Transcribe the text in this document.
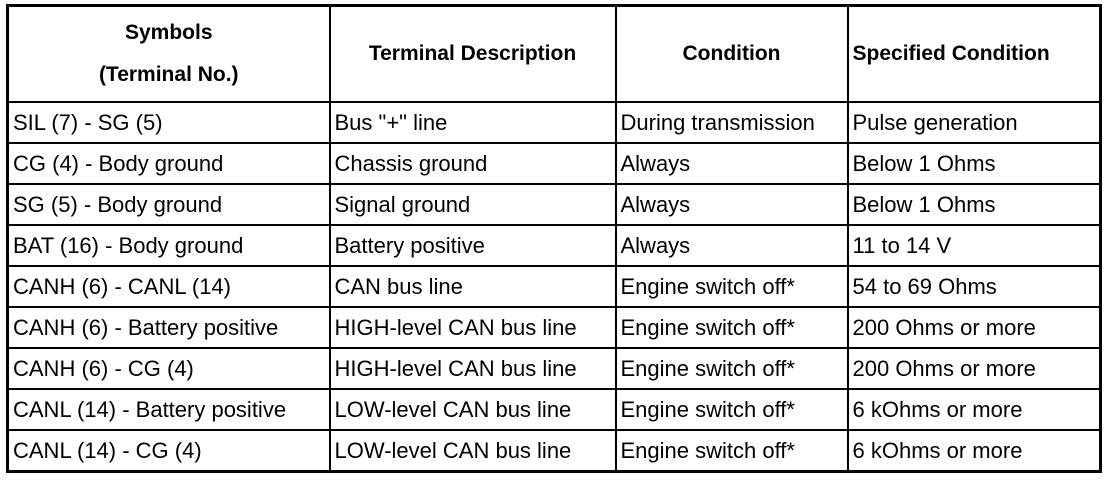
Symbols
(Terminal No.)	Terminal Description	Condition	Specified Condition
SIL (7) - SG (5)	Bus "+" line	During transmission	Pulse generation
CG (4) - Body ground	Chassis ground	Always	Below 1 Ohms
SG (5) - Body ground	Signal ground	Always	Below 1 Ohms
BAT (16) - Body ground	Battery positive	Always	11 to 14 V
CANH (6) - CANL (14)	CAN bus line	Engine switch off*	54 to 69 Ohms
CANH (6) - Battery positive	HIGH-level CAN bus line	Engine switch off*	200 Ohms or more
CANH (6) - CG (4)	HIGH-level CAN bus line	Engine switch off*	200 Ohms or more
CANL (14) - Battery positive	LOW-level CAN bus line	Engine switch off*	6 kOhms or more
CANL (14) - CG (4)	LOW-level CAN bus line	Engine switch off*	6 kOhms or more
